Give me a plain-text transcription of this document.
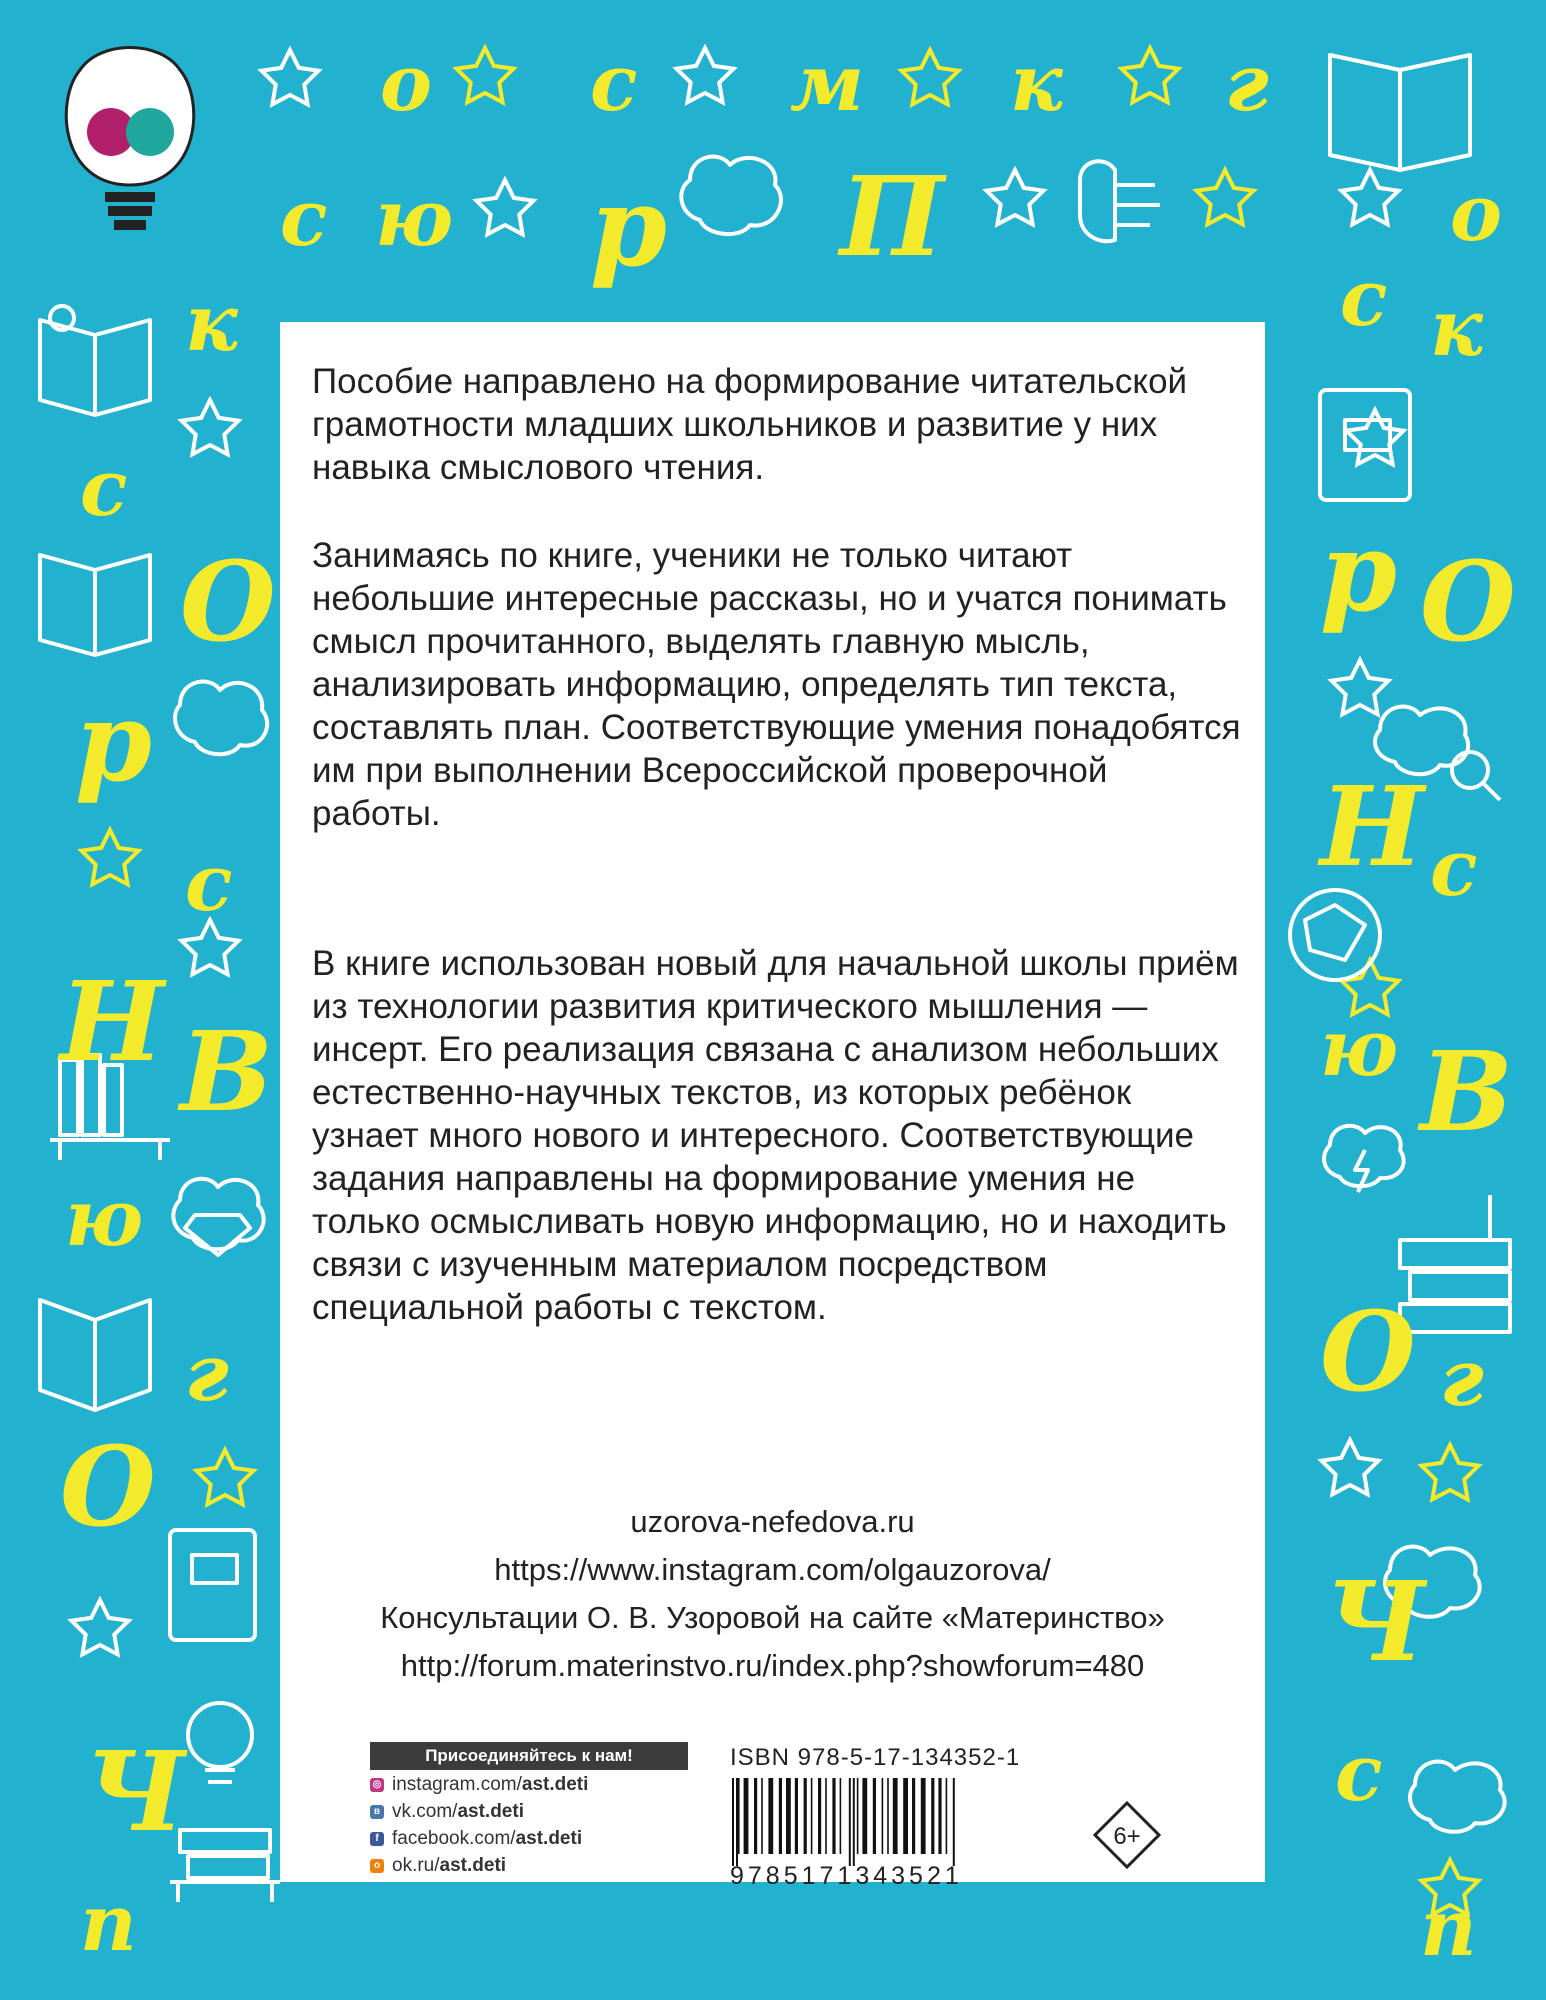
о с м к г
с ю р П	о
к
с
О
р
с
Н В
ю
г
О
Ч
п
к
с
р О
Н с
ю В
О г
Ч
с
п

Пособие направлено на формирование читательской грамотности младших школьников и развитие у них навыка смыслового чтения.

Занимаясь по книге, ученики не только читают небольшие интересные рассказы, но и учатся понимать смысл прочитанного, выделять главную мысль, анализировать информацию, определять тип текста, составлять план. Соответствующие умения понадобятся им при выполнении Всероссийской проверочной работы.

В книге использован новый для начальной школы приём из технологии развития критического мышления — инсерт. Его реализация связана с анализом небольших естественно-научных текстов, из которых ребёнок узнает много нового и интересного. Соответствующие задания направлены на формирование умения не только осмысливать новую информацию, но и находить связи с изученным материалом посредством специальной работы с текстом.

uzorova-nefedova.ru
https://www.instagram.com/olgauzorova/
Консультации О. В. Узоровой на сайте «Материнство»
http://forum.materinstvo.ru/index.php?showforum=480
Присоединяйтесь к нам!
◎ instagram.com/ ast.deti
в vk.com/ ast.deti
f facebook.com/ ast.deti
о ok.ru/ ast.deti
ISBN 978-5-17-134352-1
9785171343521
6+
